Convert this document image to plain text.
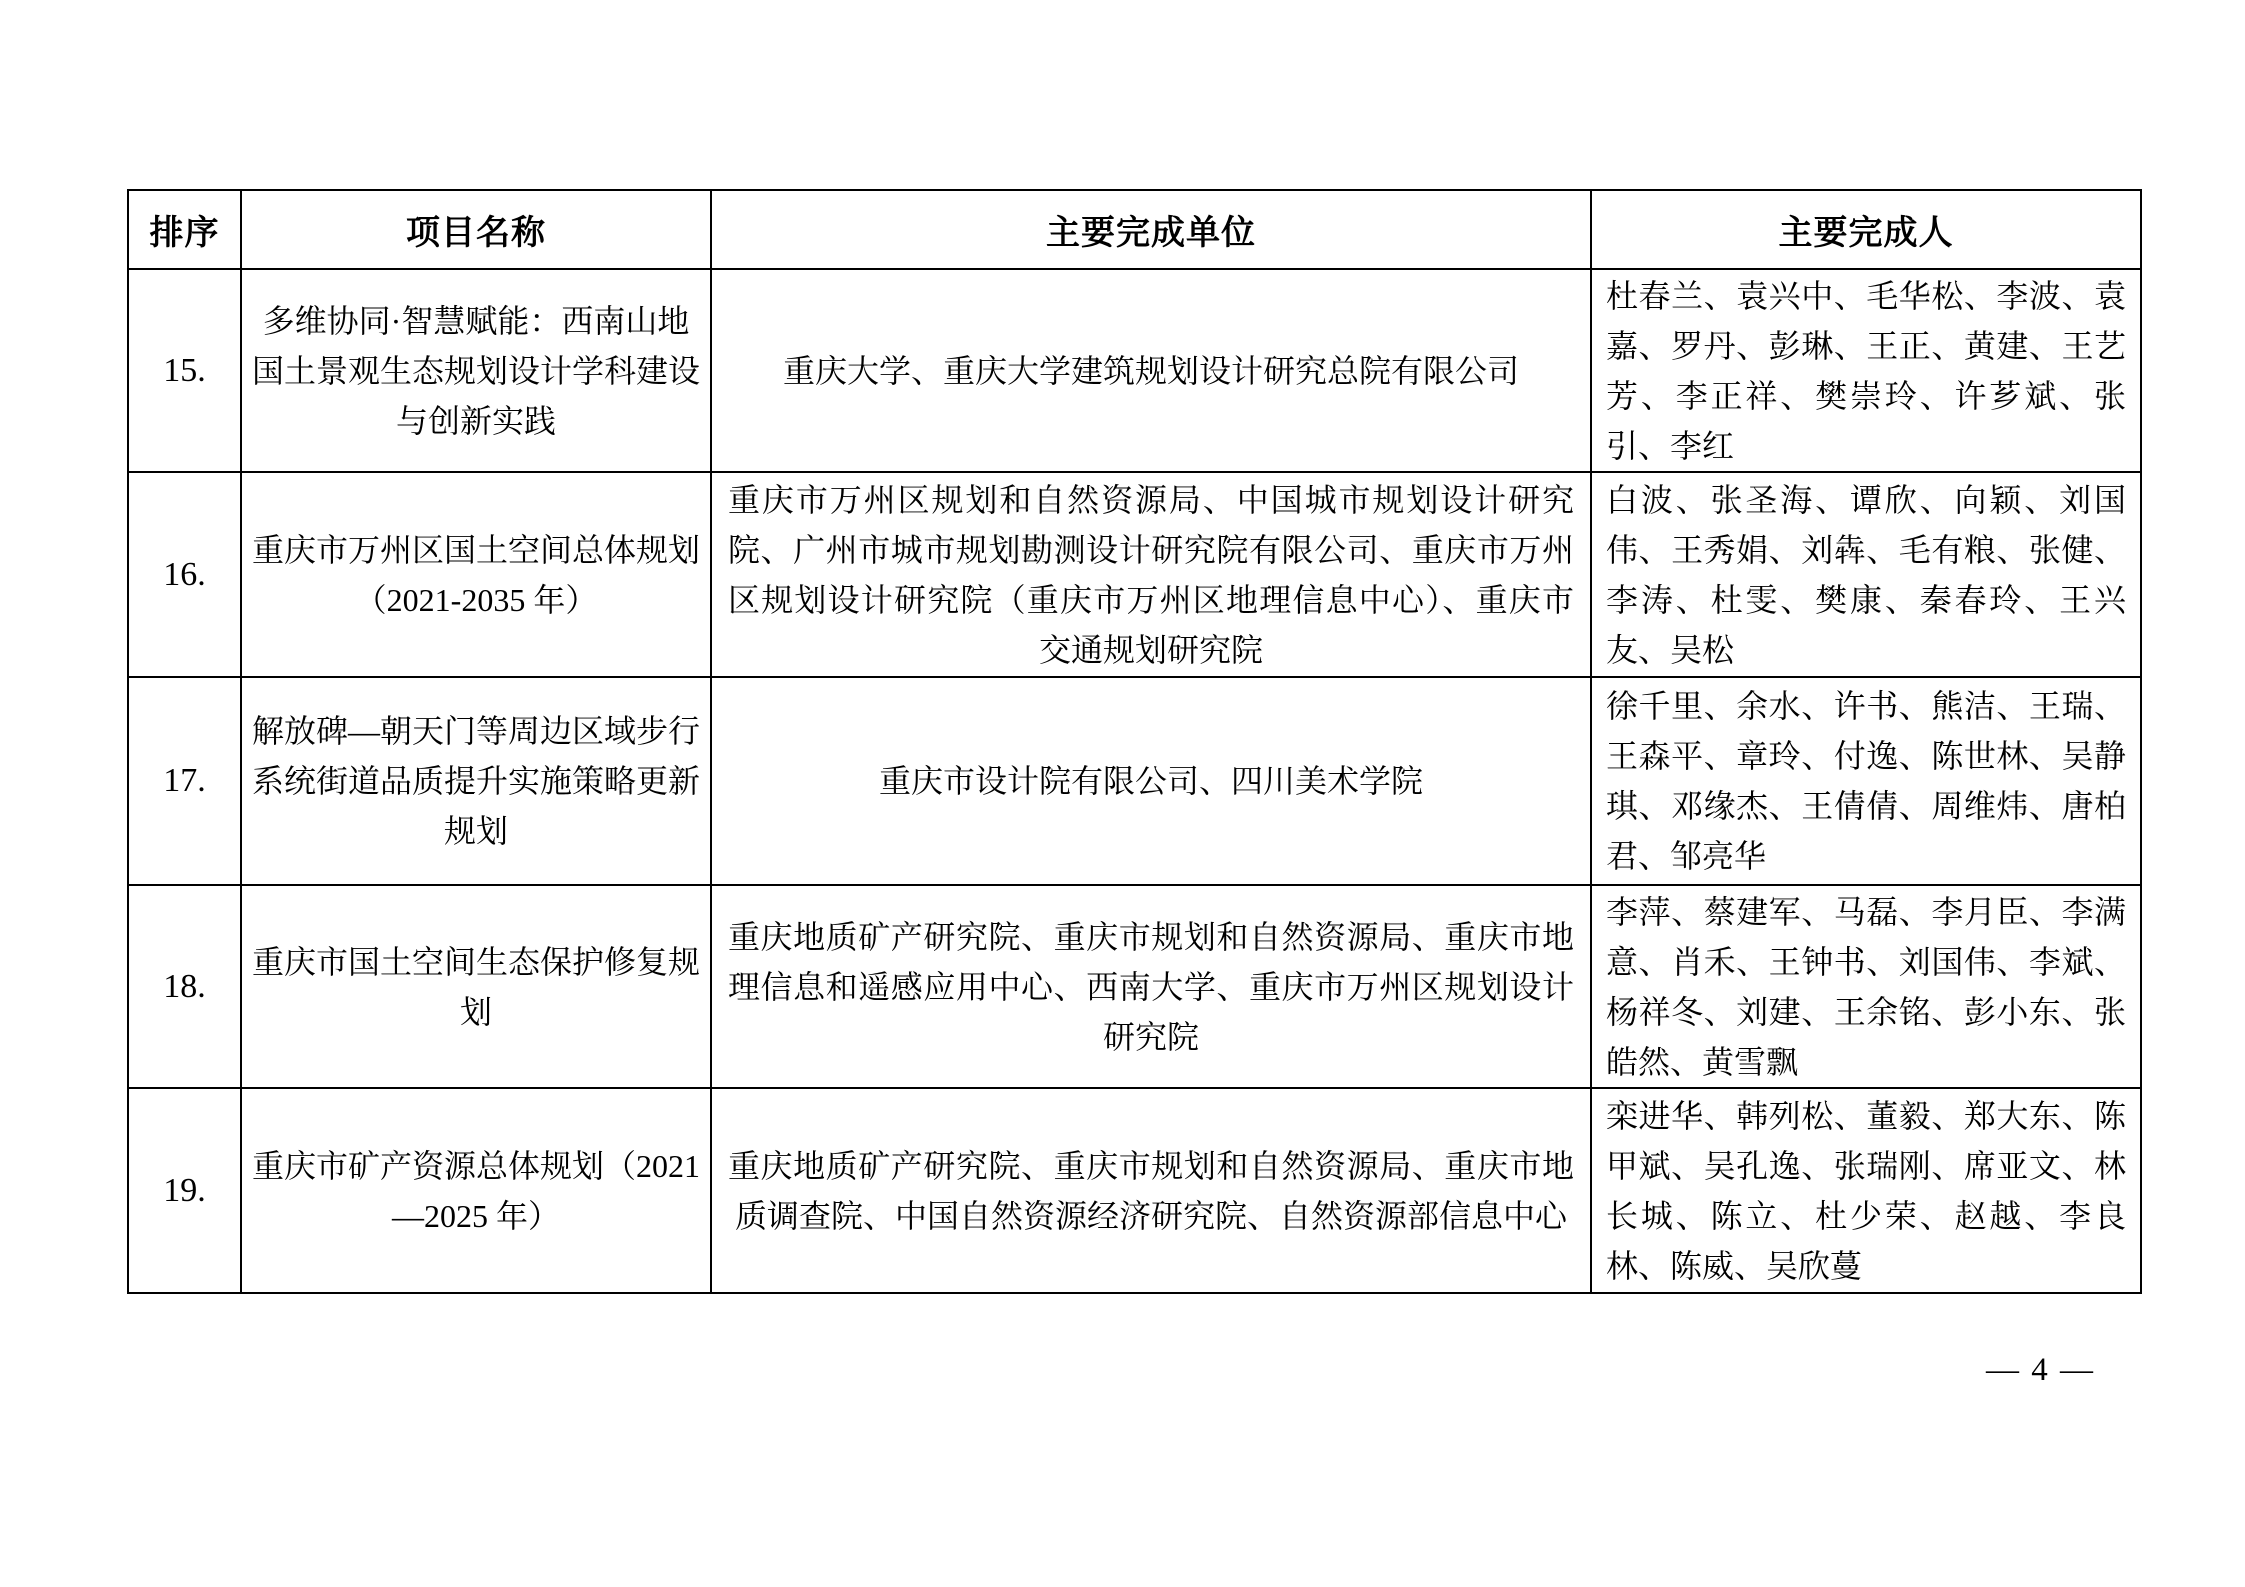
排序	项目名称	主要完成单位	主要完成人
15.	多维协同·智慧赋能：西南山地国土景观生态规划设计学科建设与创新实践	重庆大学、重庆大学建筑规划设计研究总院有限公司	杜春兰、袁兴中、毛华松、李波、袁嘉、罗丹、彭琳、王正、黄建、王艺芳、李正祥、樊崇玲、许芗斌、张引、李红
16.	重庆市万州区国土空间总体规划（2021-2035 年）	重庆市万州区规划和自然资源局、中国城市规划设计研究院、广州市城市规划勘测设计研究院有限公司、重庆市万州区规划设计研究院（重庆市万州区地理信息中心）、重庆市交通规划研究院	白波、张圣海、谭欣、向颖、刘国伟、王秀娟、刘犇、毛有粮、张健、李涛、杜雯、樊康、秦春玲、王兴友、吴松
17.	解放碑—朝天门等周边区域步行系统街道品质提升实施策略更新规划	重庆市设计院有限公司、四川美术学院	徐千里、余水、许书、熊洁、王瑞、王森平、章玲、付逸、陈世林、吴静琪、邓缘杰、王倩倩、周维炜、唐柏君、邹亮华
18.	重庆市国土空间生态保护修复规划	重庆地质矿产研究院、重庆市规划和自然资源局、重庆市地理信息和遥感应用中心、西南大学、重庆市万州区规划设计研究院	李萍、蔡建军、马磊、李月臣、李满意、肖禾、王钟书、刘国伟、李斌、杨祥冬、刘建、王余铭、彭小东、张皓然、黄雪飘
19.	重庆市矿产资源总体规划（2021—2025 年）	重庆地质矿产研究院、重庆市规划和自然资源局、重庆市地质调查院、中国自然资源经济研究院、自然资源部信息中心	栾进华、韩列松、董毅、郑大东、陈甲斌、吴孔逸、张瑞刚、席亚文、林长城、陈立、杜少荣、赵越、李良林、陈威、吴欣蔓
— 4 —
